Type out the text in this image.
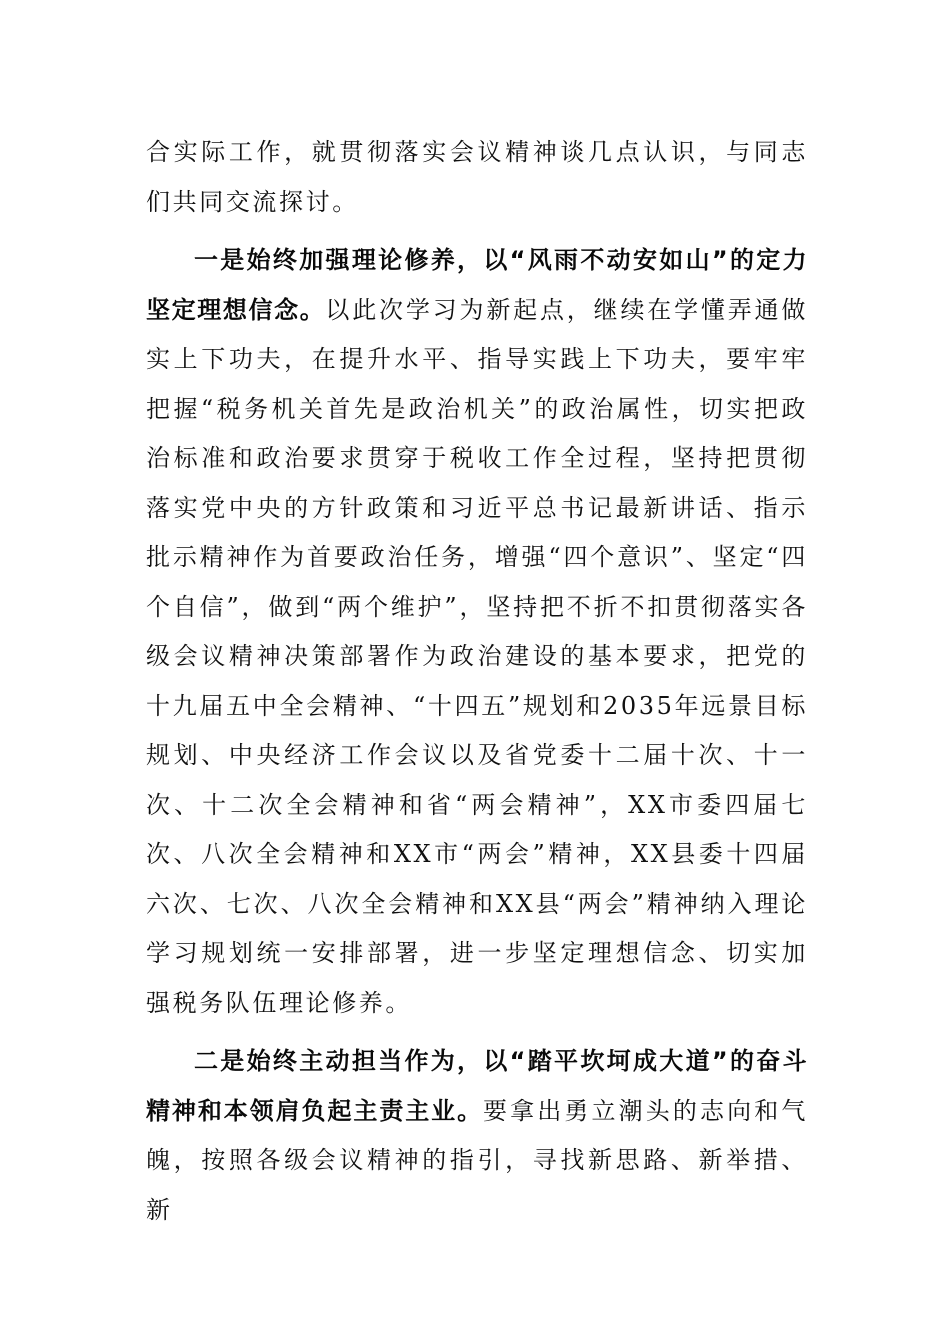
合实际工作，就贯彻落实会议精神谈几点认识，与同志们共同交流探讨。

一是始终加强理论修养，以“风雨不动安如山”的定力坚定理想信念。以此次学习为新起点，继续在学懂弄通做实上下功夫，在提升水平、指导实践上下功夫，要牢牢把握“税务机关首先是政治机关”的政治属性，切实把政治标准和政治要求贯穿于税收工作全过程，坚持把贯彻落实党中央的方针政策和习近平总书记最新讲话、指示批示精神作为首要政治任务，增强“四个意识”、坚定“四个自信”，做到“两个维护”，坚持把不折不扣贯彻落实各级会议精神决策部署作为政治建设的基本要求，把党的十九届五中全会精神、“十四五”规划和2035年远景目标规划、中央经济工作会议以及省党委十二届十次、十一次、十二次全会精神和省“两会精神”，XX市委四届七次、八次全会精神和XX市“两会”精神，XX县委十四届六次、七次、八次全会精神和XX县“两会”精神纳入理论学习规划统一安排部署，进一步坚定理想信念、切实加强税务队伍理论修养。

二是始终主动担当作为，以“踏平坎坷成大道”的奋斗精神和本领肩负起主责主业。要拿出勇立潮头的志向和气魄，按照各级会议精神的指引，寻找新思路、新举措、新
